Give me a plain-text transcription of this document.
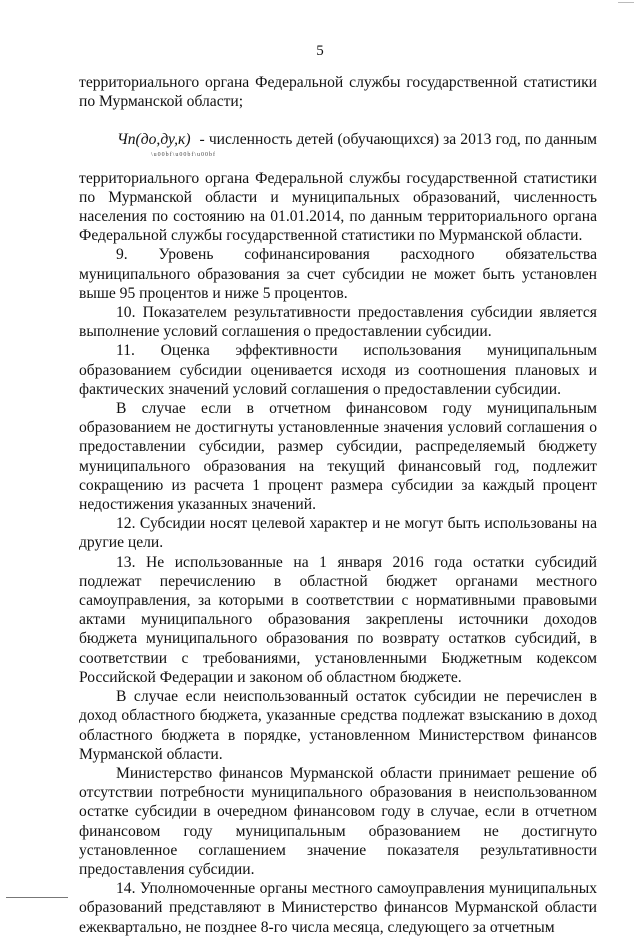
5

территориального органа Федеральной службы государственной статистики по Мурманской области;

Чп(до,ду,к) - численность детей (обучающихся) за 2013 год, по данным
\u00bf\u00bf\u00bf

территориального органа Федеральной службы государственной статистики по Мурманской области и муниципальных образований, численность населения по состоянию на 01.01.2014, по данным территориального органа Федеральной службы государственной статистики по Мурманской области.

9. Уровень софинансирования расходного обязательства муниципального образования за счет субсидии не может быть установлен выше 95 процентов и ниже 5 процентов.

10. Показателем результативности предоставления субсидии является выполнение условий соглашения о предоставлении субсидии.

11. Оценка эффективности использования муниципальным образованием субсидии оценивается исходя из соотношения плановых и фактических значений условий соглашения о предоставлении субсидии.

В случае если в отчетном финансовом году муниципальным образованием не достигнуты установленные значения условий соглашения о предоставлении субсидии, размер субсидии, распределяемый бюджету муниципального образования на текущий финансовый год, подлежит сокращению из расчета 1 процент размера субсидии за каждый процент недостижения указанных значений.

12. Субсидии носят целевой характер и не могут быть использованы на другие цели.

13. Не использованные на 1 января 2016 года остатки субсидий подлежат перечислению в областной бюджет органами местного самоуправления, за которыми в соответствии с нормативными правовыми актами муниципального образования закреплены источники доходов бюджета муниципального образования по возврату остатков субсидий, в соответствии с требованиями, установленными Бюджетным кодексом Российской Федерации и законом об областном бюджете.

В случае если неиспользованный остаток субсидии не перечислен в доход областного бюджета, указанные средства подлежат взысканию в доход областного бюджета в порядке, установленном Министерством финансов Мурманской области.

Министерство финансов Мурманской области принимает решение об отсутствии потребности муниципального образования в неиспользованном остатке субсидии в очередном финансовом году в случае, если в отчетном финансовом году муниципальным образованием не достигнуто установленное соглашением значение показателя результативности предоставления субсидии.

14. Уполномоченные органы местного самоуправления муниципальных образований представляют в Министерство финансов Мурманской области ежеквартально, не позднее 8-го числа месяца, следующего за отчетным
